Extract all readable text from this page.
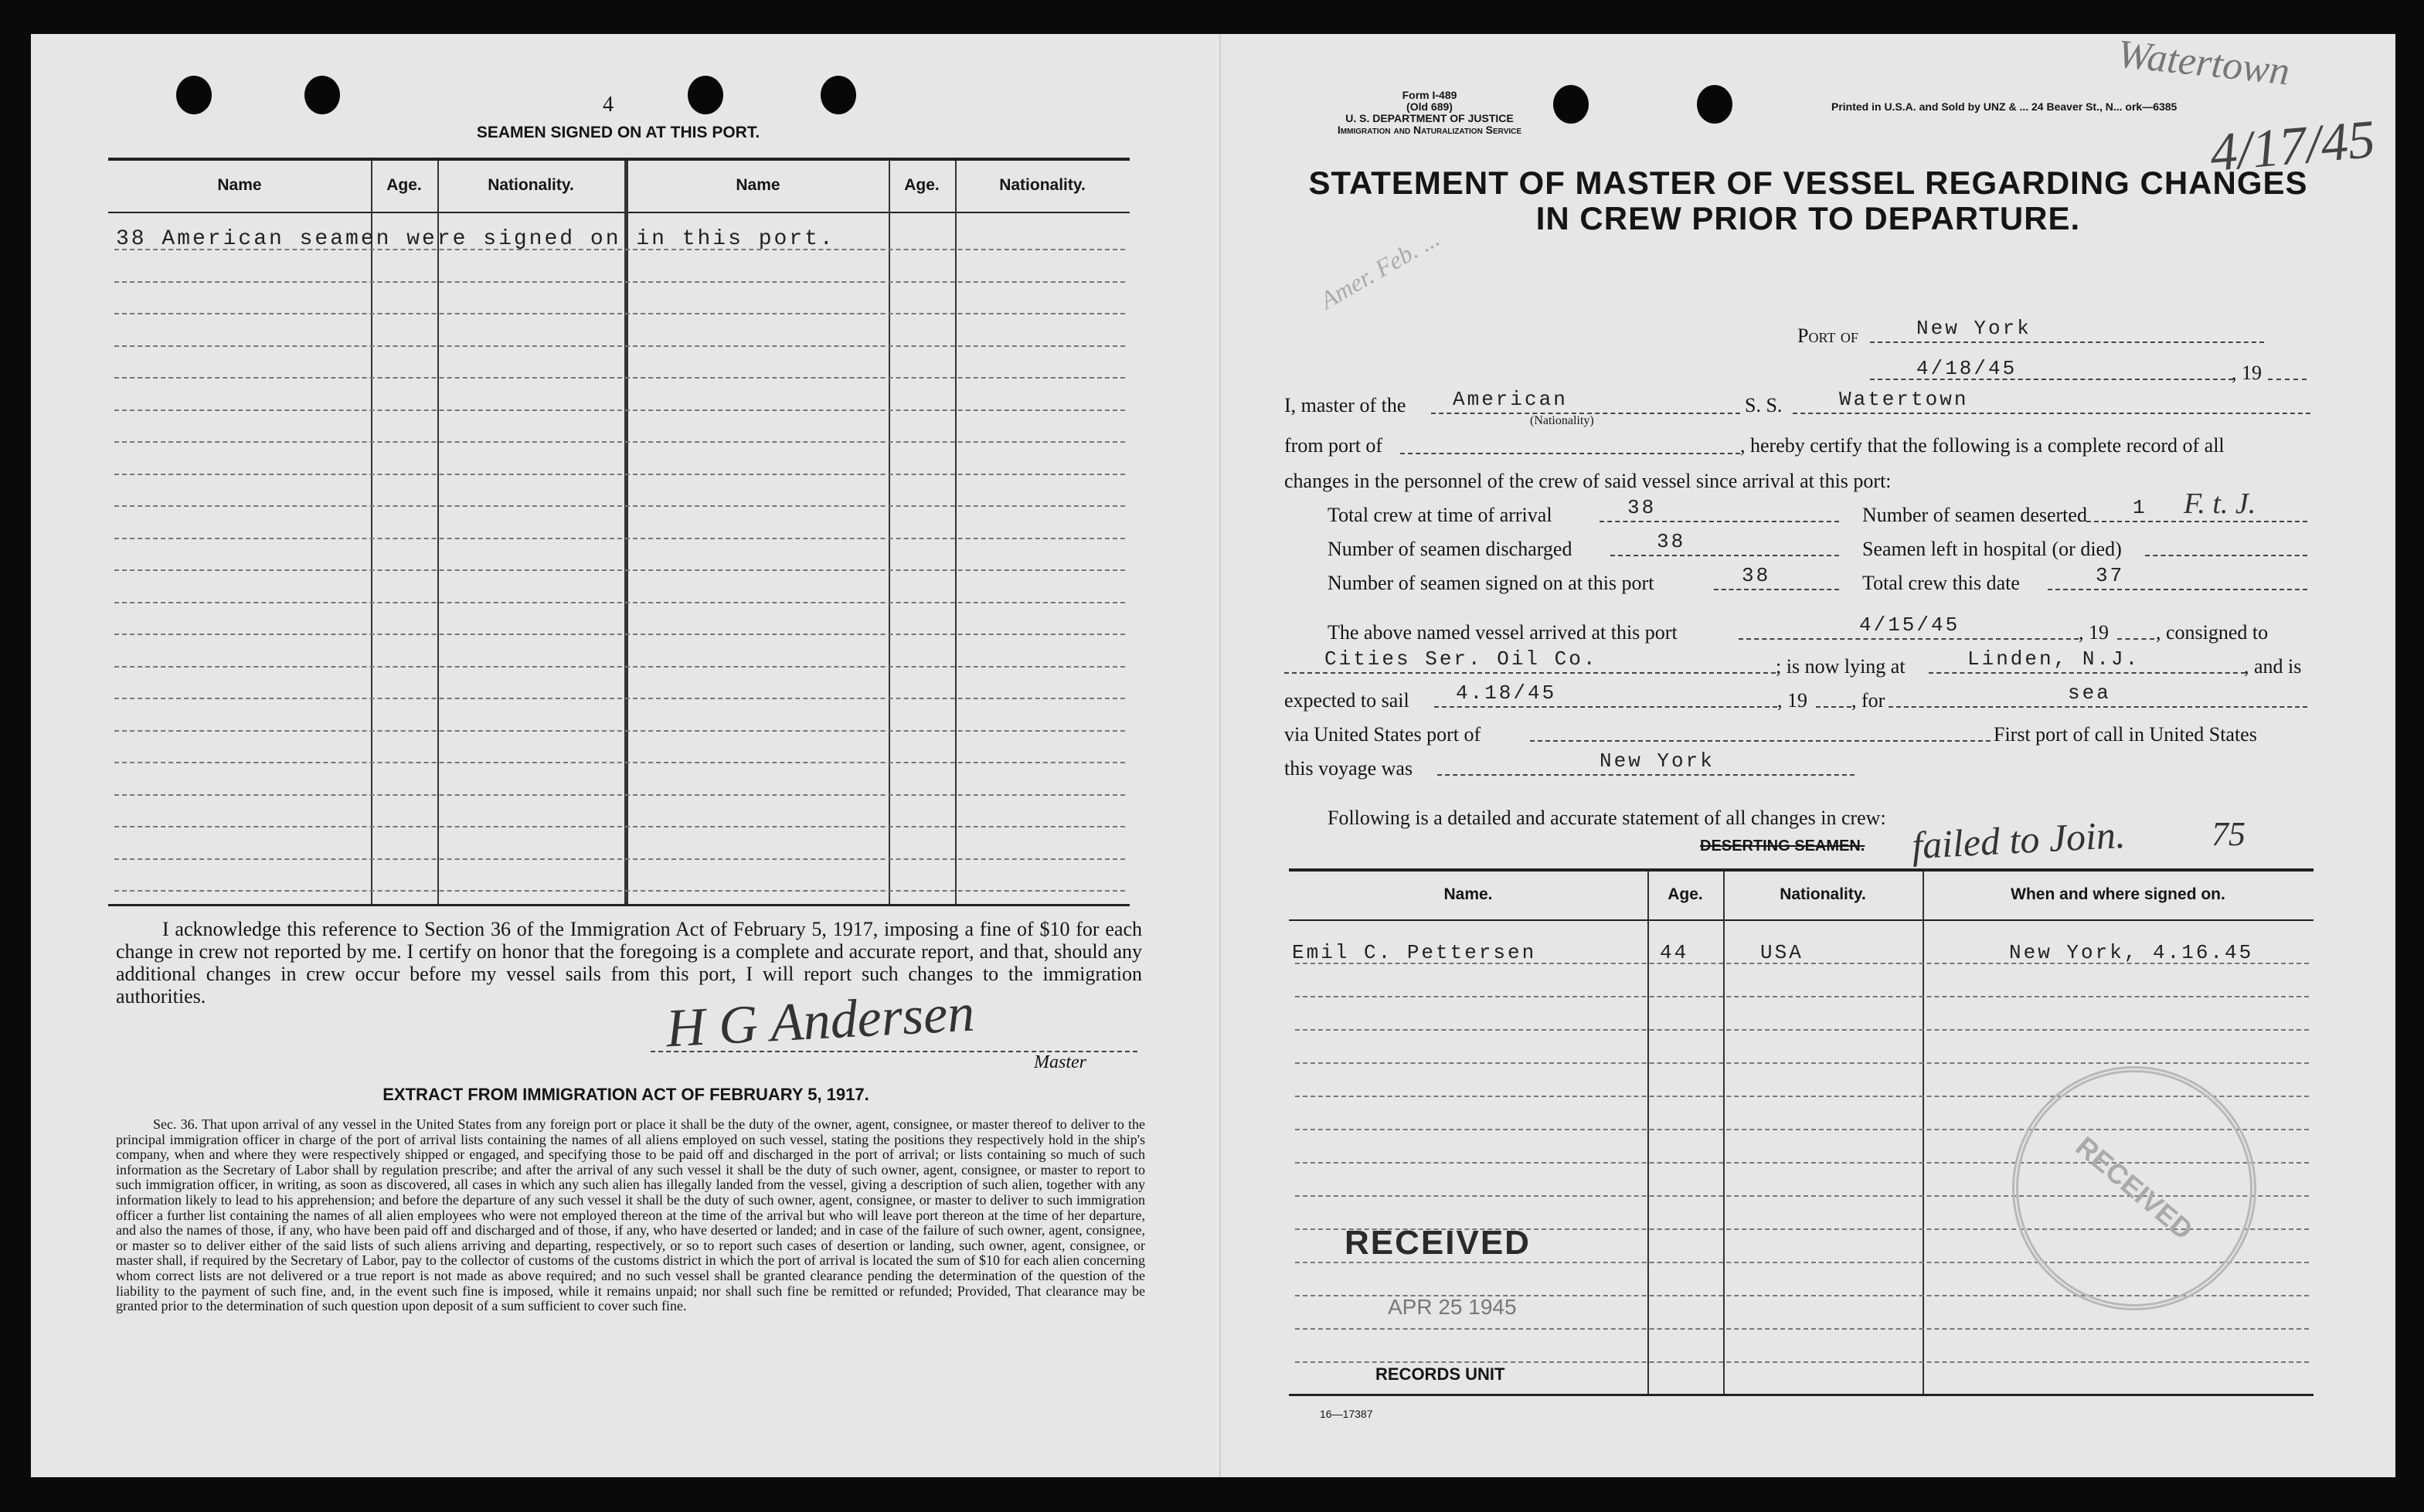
4
SEAMEN SIGNED ON AT THIS PORT.
Name	Age.	Nationality.	Name	Age.	Nationality.
38 American seamen were signed on in this port.
I acknowledge this reference to Section 36 of the Immigration Act of February 5, 1917, imposing a fine of $10 for each change in crew not reported by me. I certify on honor that the foregoing is a complete and accurate report, and that, should any additional changes in crew occur before my vessel sails from this port, I will report such changes to the immigration authorities.	H G Andersen
Master
EXTRACT FROM IMMIGRATION ACT OF FEBRUARY 5, 1917.
Sec. 36. That upon arrival of any vessel in the United States from any foreign port or place it shall be the duty of the owner, agent, consignee, or master thereof to deliver to the principal immigration officer in charge of the port of arrival lists containing the names of all aliens employed on such vessel, stating the positions they respectively hold in the ship's company, when and where they were respectively shipped or engaged, and specifying those to be paid off and discharged in the port of arrival; or lists containing so much of such information as the Secretary of Labor shall by regulation prescribe; and after the arrival of any such vessel it shall be the duty of such owner, agent, consignee, or master to report to such immigration officer, in writing, as soon as discovered, all cases in which any such alien has illegally landed from the vessel, giving a description of such alien, together with any information likely to lead to his apprehension; and before the departure of any such vessel it shall be the duty of such owner, agent, consignee, or master to deliver to such immigration officer a further list containing the names of all alien employees who were not employed thereon at the time of the arrival but who will leave port thereon at the time of her departure, and also the names of those, if any, who have been paid off and discharged and of those, if any, who have deserted or landed; and in case of the failure of such owner, agent, consignee, or master so to deliver either of the said lists of such aliens arriving and departing, respectively, or so to report such cases of desertion or landing, such owner, agent, consignee, or master shall, if required by the Secretary of Labor, pay to the collector of customs of the customs district in which the port of arrival is located the sum of $10 for each alien concerning whom correct lists are not delivered or a true report is not made as above required; and no such vessel shall be granted clearance pending the determination of the question of the liability to the payment of such fine, and, in the event such fine is imposed, while it remains unpaid; nor shall such fine be remitted or refunded; Provided, That clearance may be granted prior to the determination of such question upon deposit of a sum sufficient to cover such fine.
Form I-489
(Old 689)
U. S. DEPARTMENT OF JUSTICE
Immigration and Naturalization Service
Printed in U.S.A. and Sold by UNZ & ... 24 Beaver St., N... ork—6385
Watertown
4/17/45
STATEMENT OF MASTER OF VESSEL REGARDING CHANGES
IN CREW PRIOR TO DEPARTURE.
Amer. Feb. ...
Port of	New York
4/18/45	, 19
I, master of the American
(Nationality)
S. S.	Watertown
from port of	, hereby certify that the following is a complete record of all
changes in the personnel of the crew of said vessel since arrival at this port:
Total crew at time of arrival	38	Number of seamen deserted 1 F. t. J.
Number of seamen discharged	38	Seamen left in hospital (or died)
Number of seamen signed on at this port	38	Total crew this date	37
The above named vessel arrived at this port	4/15/45	, 19 , consigned to
Cities Ser. Oil Co.	; is now lying at	Linden, N.J.	, and is
expected to sail 4.18/45	, 19 , for	sea
via United States port of	First port of call in United States
this voyage was	New York
Following is a detailed and accurate statement of all changes in crew:
DESERTING SEAMEN. failed to Join.	75
Name.	Age.	Nationality.	When and where signed on.
Emil C. Pettersen	44	USA	New York, 4.16.45
RECEIVED
APR 25 1945
RECORDS UNIT
RECEIVED
16—17387
